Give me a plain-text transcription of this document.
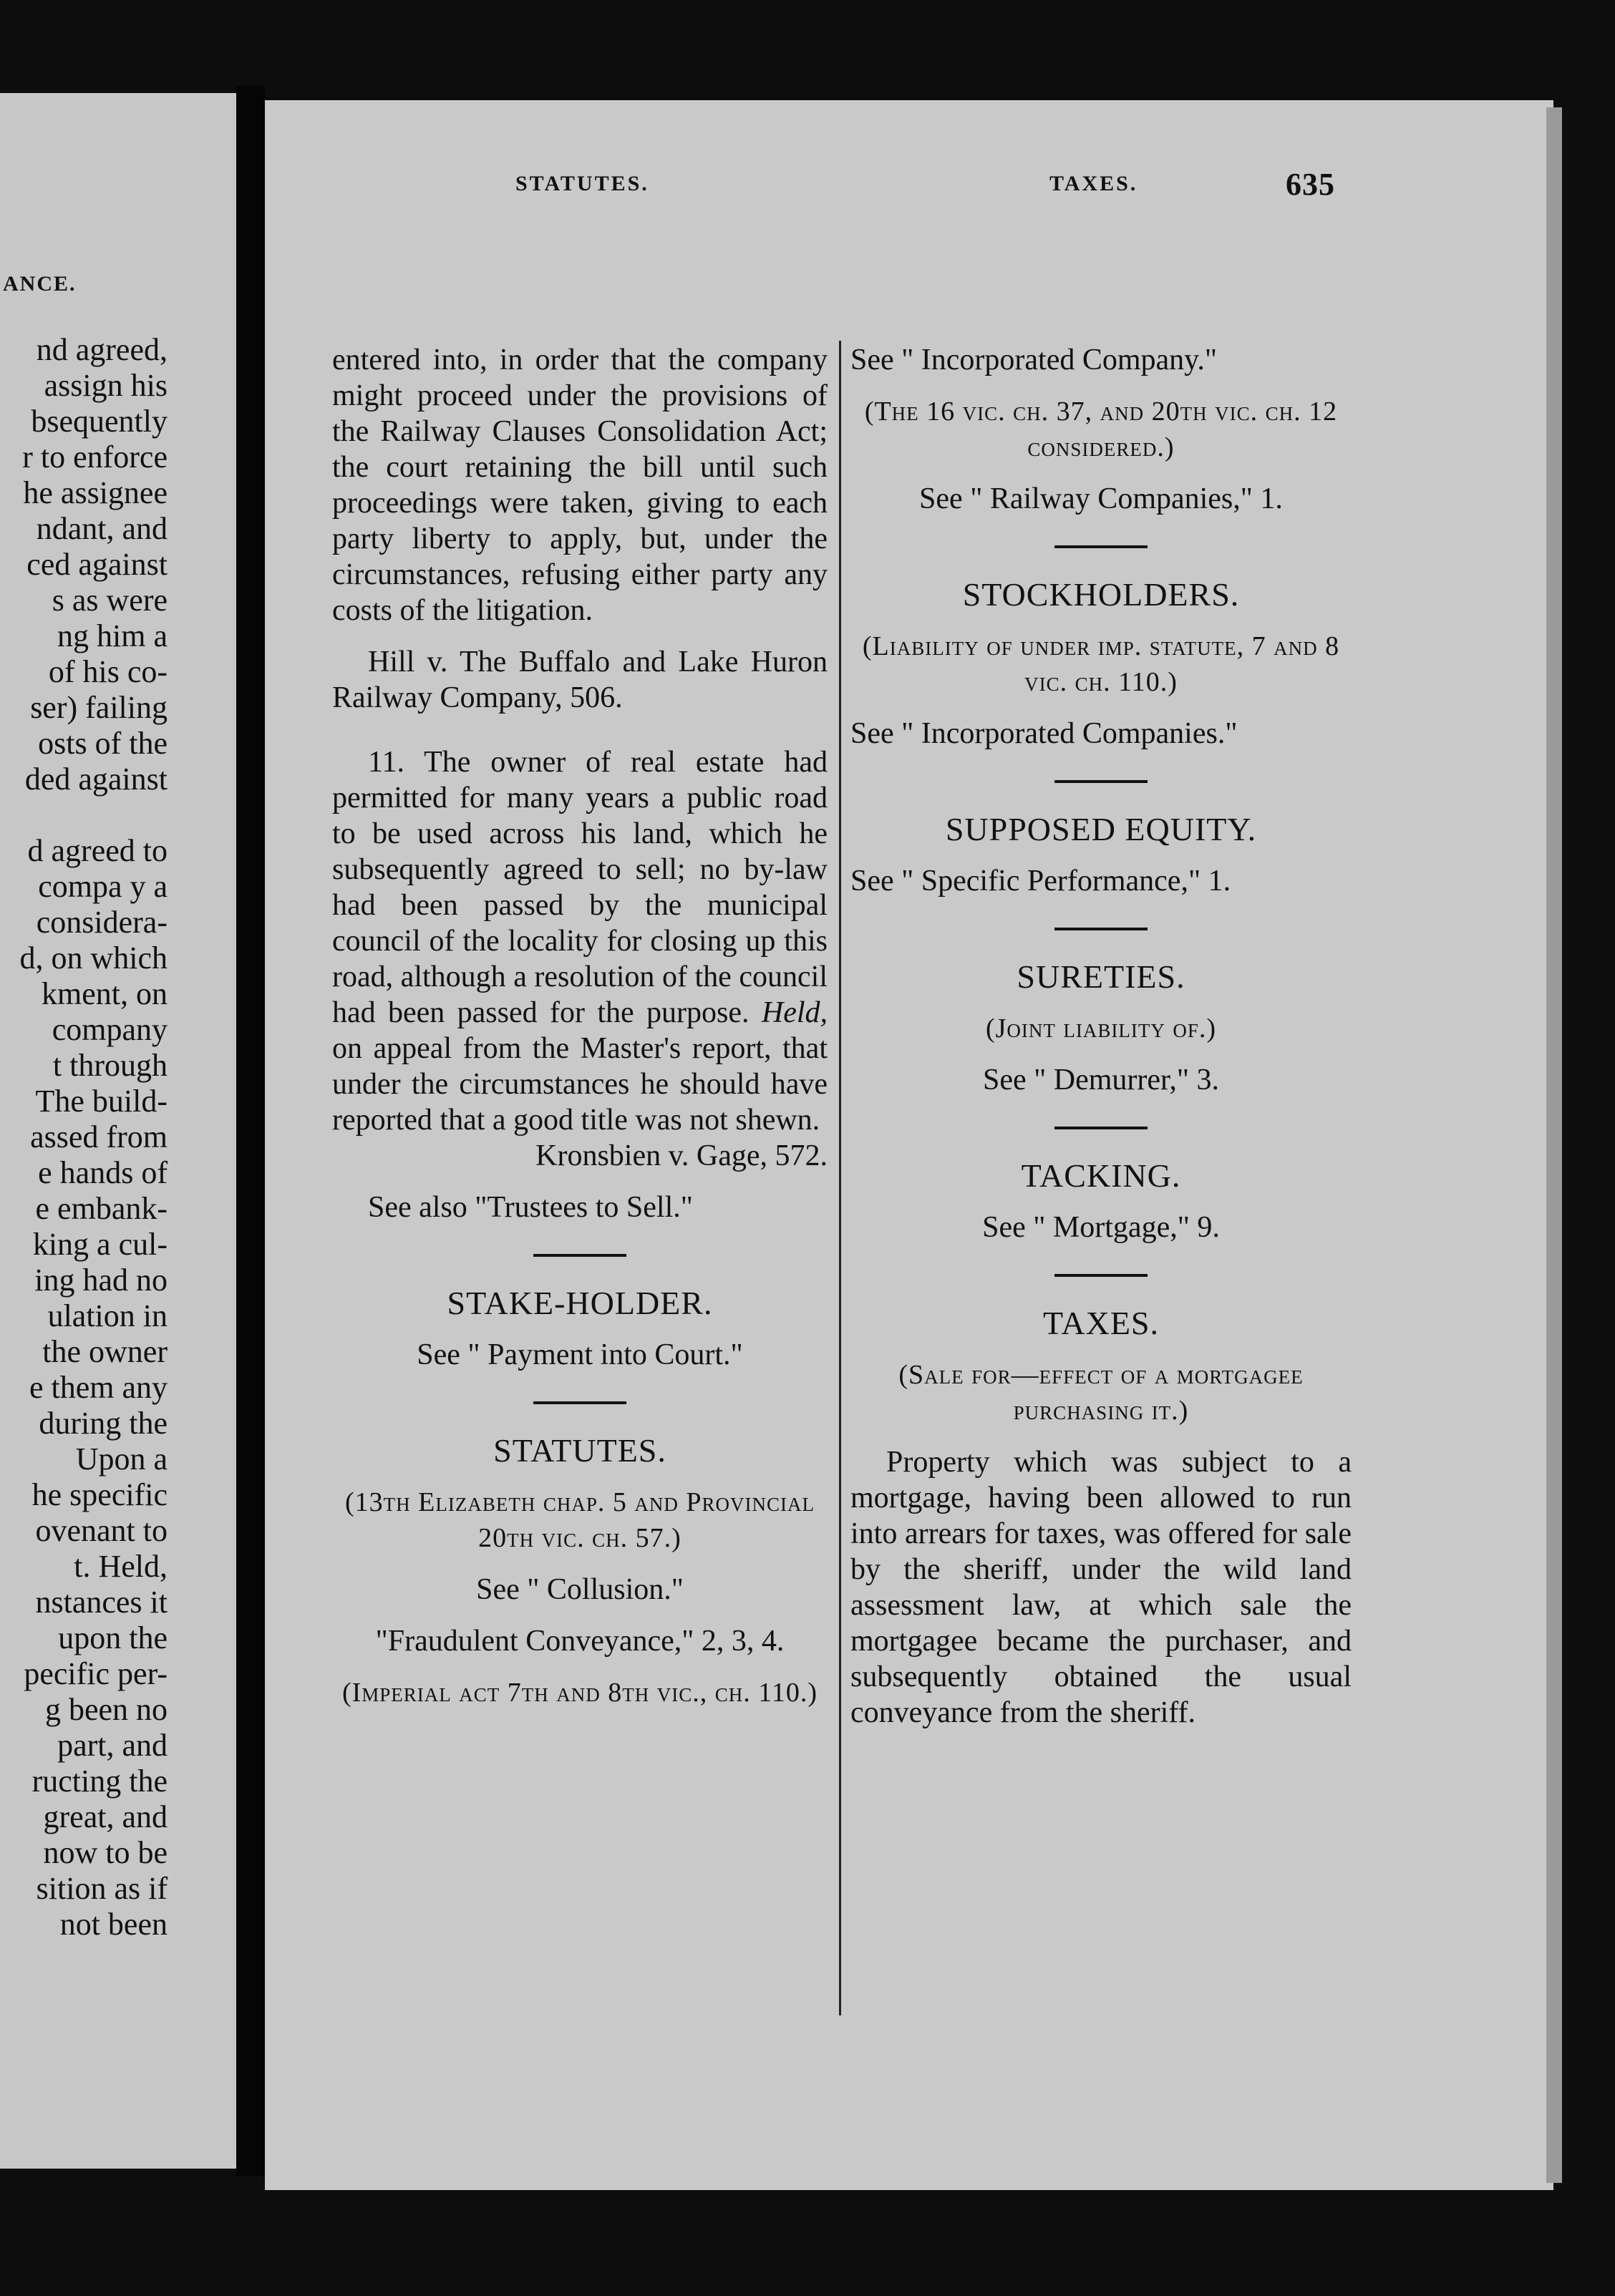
ANCE.
nd agreed,
assign his
bsequently
r to enforce
he assignee
ndant, and
ced against
s as were
ng him a
of his co-
ser) failing
osts of the
ded against

d agreed to
compa y a
considera-
d, on which
kment, on
company
t through
The build-
assed from
e hands of
e embank-
king a cul-
ing had no
ulation in
the owner
e them any
during the
Upon a
he specific
ovenant to
t. Held,
nstances it
upon the
pecific per-
g been no
part, and
ructing the
great, and
now to be
sition as if
not been
STATUTES.	TAXES.	635

entered into, in order that the company might proceed under the provisions of the Railway Clauses Consolidation Act; the court retaining the bill until such proceedings were taken, giving to each party liberty to apply, but, under the circumstances, refusing either party any costs of the litigation.

Hill v. The Buffalo and Lake Huron Railway Company, 506.

11. The owner of real estate had permitted for many years a public road to be used across his land, which he subsequently agreed to sell; no by-law had been passed by the municipal council of the locality for closing up this road, although a resolution of the council had been passed for the purpose. Held, on appeal from the Master's report, that under the circumstances he should have reported that a good title was not shewn.

Kronsbien v. Gage, 572.

See also "Trustees to Sell."

STAKE-HOLDER.

See " Payment into Court."

STATUTES.

(13th Elizabeth chap. 5 and Provincial 20th vic. ch. 57.)

See " Collusion."

"Fraudulent Conveyance," 2, 3, 4.

(Imperial act 7th and 8th vic., ch. 110.)

See " Incorporated Company."

(The 16 vic. ch. 37, and 20th vic. ch. 12 considered.)

See " Railway Companies," 1.

STOCKHOLDERS.

(Liability of under imp. statute, 7 and 8 vic. ch. 110.)

See " Incorporated Companies."

SUPPOSED EQUITY.

See " Specific Performance," 1.

SURETIES.

(Joint liability of.)

See " Demurrer," 3.

TACKING.

See " Mortgage," 9.

TAXES.

(Sale for—effect of a mortgagee purchasing it.)

Property which was subject to a mortgage, having been allowed to run into arrears for taxes, was offered for sale by the sheriff, under the wild land assessment law, at which sale the mortgagee became the purchaser, and subsequently obtained the usual conveyance from the sheriff.
